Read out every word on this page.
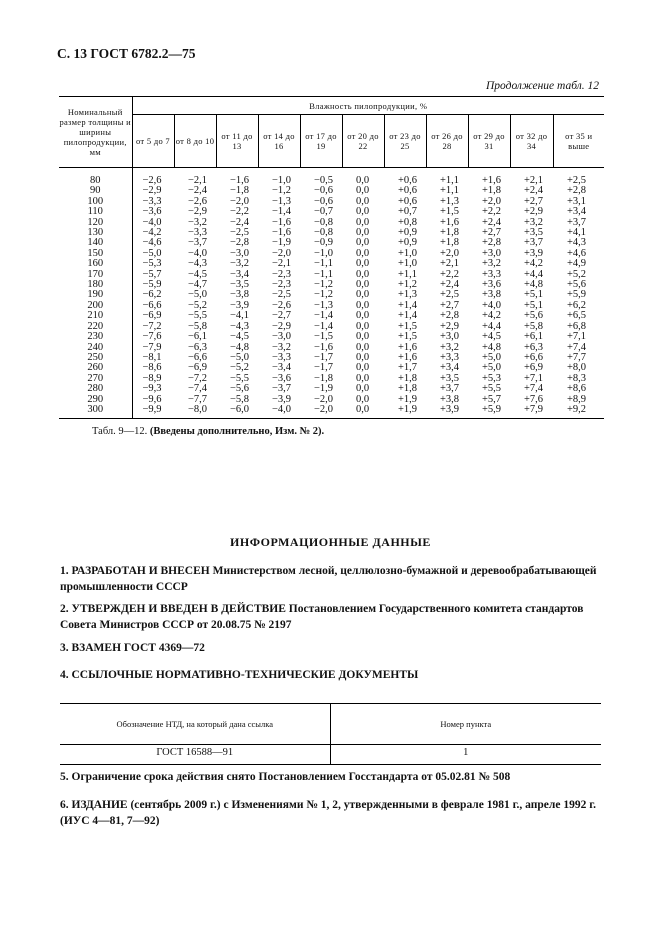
С. 13 ГОСТ 6782.2—75
Продолжение табл. 12
Номинальный размер толщины и ширины пилопродукции, мм	Влажность пилопродукции, %										
	от 5 до 7	от 8 до 10	от 11 до 13	от 14 до 16	от 17 до 19	от 20 до 22	от 23 до 25	от 26 до 28	от 29 до 31	от 32 до 34	от 35 и выше

80	−2,6	−2,1	−1,6	−1,0	−0,5	0,0	+0,6	+1,1	+1,6	+2,1	+2,5
90	−2,9	−2,4	−1,8	−1,2	−0,6	0,0	+0,6	+1,1	+1,8	+2,4	+2,8
100	−3,3	−2,6	−2,0	−1,3	−0,6	0,0	+0,6	+1,3	+2,0	+2,7	+3,1
110	−3,6	−2,9	−2,2	−1,4	−0,7	0,0	+0,7	+1,5	+2,2	+2,9	+3,4
120	−4,0	−3,2	−2,4	−1,6	−0,8	0,0	+0,8	+1,6	+2,4	+3,2	+3,7
130	−4,2	−3,3	−2,5	−1,6	−0,8	0,0	+0,9	+1,8	+2,7	+3,5	+4,1
140	−4,6	−3,7	−2,8	−1,9	−0,9	0,0	+0,9	+1,8	+2,8	+3,7	+4,3
150	−5,0	−4,0	−3,0	−2,0	−1,0	0,0	+1,0	+2,0	+3,0	+3,9	+4,6
160	−5,3	−4,3	−3,2	−2,1	−1,1	0,0	+1,0	+2,1	+3,2	+4,2	+4,9
170	−5,7	−4,5	−3,4	−2,3	−1,1	0,0	+1,1	+2,2	+3,3	+4,4	+5,2
180	−5,9	−4,7	−3,5	−2,3	−1,2	0,0	+1,2	+2,4	+3,6	+4,8	+5,6
190	−6,2	−5,0	−3,8	−2,5	−1,2	0,0	+1,3	+2,5	+3,8	+5,1	+5,9
200	−6,6	−5,2	−3,9	−2,6	−1,3	0,0	+1,4	+2,7	+4,0	+5,1	+6,2
210	−6,9	−5,5	−4,1	−2,7	−1,4	0,0	+1,4	+2,8	+4,2	+5,6	+6,5
220	−7,2	−5,8	−4,3	−2,9	−1,4	0,0	+1,5	+2,9	+4,4	+5,8	+6,8
230	−7,6	−6,1	−4,5	−3,0	−1,5	0,0	+1,5	+3,0	+4,5	+6,1	+7,1
240	−7,9	−6,3	−4,8	−3,2	−1,6	0,0	+1,6	+3,2	+4,8	+6,3	+7,4
250	−8,1	−6,6	−5,0	−3,3	−1,7	0,0	+1,6	+3,3	+5,0	+6,6	+7,7
260	−8,6	−6,9	−5,2	−3,4	−1,7	0,0	+1,7	+3,4	+5,0	+6,9	+8,0
270	−8,9	−7,2	−5,5	−3,6	−1,8	0,0	+1,8	+3,5	+5,3	+7,1	+8,3
280	−9,3	−7,4	−5,6	−3,7	−1,9	0,0	+1,8	+3,7	+5,5	+7,4	+8,6
290	−9,6	−7,7	−5,8	−3,9	−2,0	0,0	+1,9	+3,8	+5,7	+7,6	+8,9
300	−9,9	−8,0	−6,0	−4,0	−2,0	0,0	+1,9	+3,9	+5,9	+7,9	+9,2

Табл. 9—12. (Введены дополнительно, Изм. № 2).
ИНФОРМАЦИОННЫЕ ДАННЫЕ
1. РАЗРАБОТАН И ВНЕСЕН Министерством лесной, целлюлозно-бумажной и деревообрабатывающей промышленности СССР
2. УТВЕРЖДЕН И ВВЕДЕН В ДЕЙСТВИЕ Постановлением Государственного комитета стандартов Совета Министров СССР от 20.08.75 № 2197
3. ВЗАМЕН ГОСТ 4369—72
4. ССЫЛОЧНЫЕ НОРМАТИВНО-ТЕХНИЧЕСКИЕ ДОКУМЕНТЫ
Обозначение НТД, на который дана ссылка	Номер пункта
ГОСТ 16588—91	1

5. Ограничение срока действия снято Постановлением Госстандарта от 05.02.81 № 508
6. ИЗДАНИЕ (сентябрь 2009 г.) с Изменениями № 1, 2, утвержденными в феврале 1981 г., апреле 1992 г. (ИУС 4—81, 7—92)
